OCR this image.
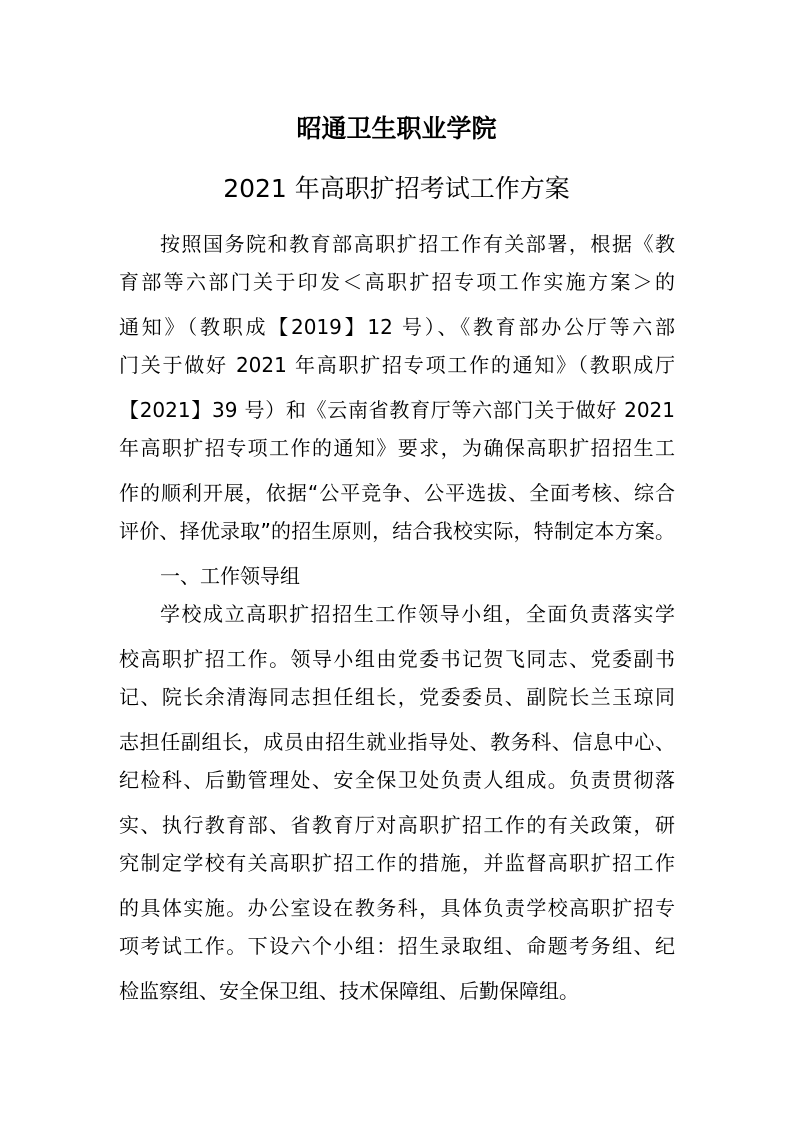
昭通卫生职业学院
2021 年高职扩招考试工作方案
按照国务院和教育部高职扩招工作有关部署，根据《教
育部等六部门关于印发＜高职扩招专项工作实施方案＞的
通知》（教职成【2019】12 号）、《教育部办公厅等六部
门关于做好 2021 年高职扩招专项工作的通知》（教职成厅
【2021】39 号）和《云南省教育厅等六部门关于做好 2021
年高职扩招专项工作的通知》要求，为确保高职扩招招生工
作的顺利开展，依据“公平竞争、公平选拔、全面考核、综合
评价、择优录取”的招生原则，结合我校实际，特制定本方案。
一、工作领导组
学校成立高职扩招招生工作领导小组，全面负责落实学
校高职扩招工作。领导小组由党委书记贺飞同志、党委副书
记、院长余清海同志担任组长，党委委员、副院长兰玉琼同
志担任副组长，成员由招生就业指导处、教务科、信息中心、
纪检科、后勤管理处、安全保卫处负责人组成。负责贯彻落
实、执行教育部、省教育厅对高职扩招工作的有关政策，研
究制定学校有关高职扩招工作的措施，并监督高职扩招工作
的具体实施。办公室设在教务科，具体负责学校高职扩招专
项考试工作。下设六个小组：招生录取组、命题考务组、纪
检监察组、安全保卫组、技术保障组、后勤保障组。
